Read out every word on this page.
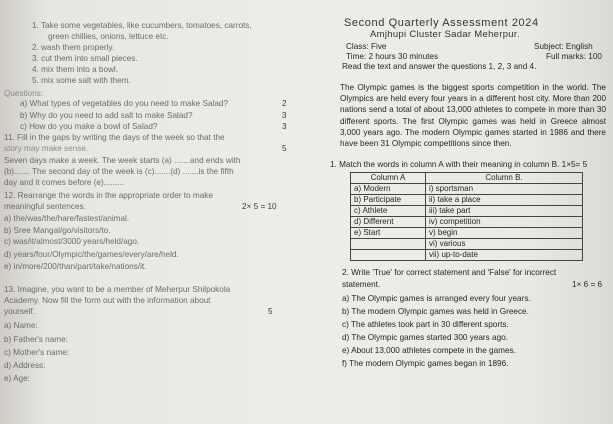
1. Take some vegetables, like cucumbers, tomatoes, carrots,
green chillies, onions, lettuce etc.
2. wash them properly.
3. cut them into small pieces.
4. mix them into a bowl.
5. mix some salt with them.
Questions:
a) What types of vegetables do you need to make Salad?	2
b) Why do you need to add salt to make Salad?	3
c) How do you make a bowl of Salad?	3
11. Fill in the gaps by writing the days of the week so that the
story may make sense.	5
Seven days make a week. The week starts (a) .......and ends with
(b)....... The second day of the week is (c).......(d) .......is the fifth
day and it comes before (e).........
12. Rearrange the words in the appropriate order to make
meaningful sentences.	2× 5 = 10
a) the/was/the/hare/fastest/animal.
b) Sree Mangal/go/visitors/to.
c) was/it/almost/3000 years/held/ago.
d) years/four/Olympic/the/games/every/are/held.
e) in/more/200/than/part/take/nations/it.
13. Imagine, you want to be a member of Meherpur Shilpokola
Academy. Now fill the form out with the information about
yourself.	5
a) Name:
b) Father's name:
c) Mother's name:
d) Address:
e) Age:
Second Quarterly Assessment 2024
Amjhupi Cluster Sadar Meherpur.
Class: Five	Subject: English
Time: 2 hours 30 minutes	Full marks: 100
Read the text and answer the questions 1, 2, 3 and 4.
The Olympic games is the biggest sports competition in the world. The Olympics are held every four years in a different host city. More than 200 nations send a total of about 13,000 athletes to compete in more than 30 different sports. The first Olympic games was held in Greece almost 3,000 years ago. The modern Olympic games started in 1986 and there have been 31 Olympic competitions since then.
1. Match the words in column A with their meaning in column B. 1×5= 5
Column A	Column B.
a) Modern	i) sportsman
b) Participate	ii) take a place
c) Athlete	iii) take part
d) Different	iv) competition
e) Start	v) begin
	vi) various
	vii) up-to-date
2. Write 'True' for correct statement and 'False' for incorrect
statement.	1× 6 = 6
a) The Olympic games is arranged every four years.
b) The modern Olympic games was held in Greece.
c) The athletes took part in 30 different sports.
d) The Olympic games started 300 years ago.
e) About 13,000 athletes compete in the games.
f) The modern Olympic games began in 1896.
